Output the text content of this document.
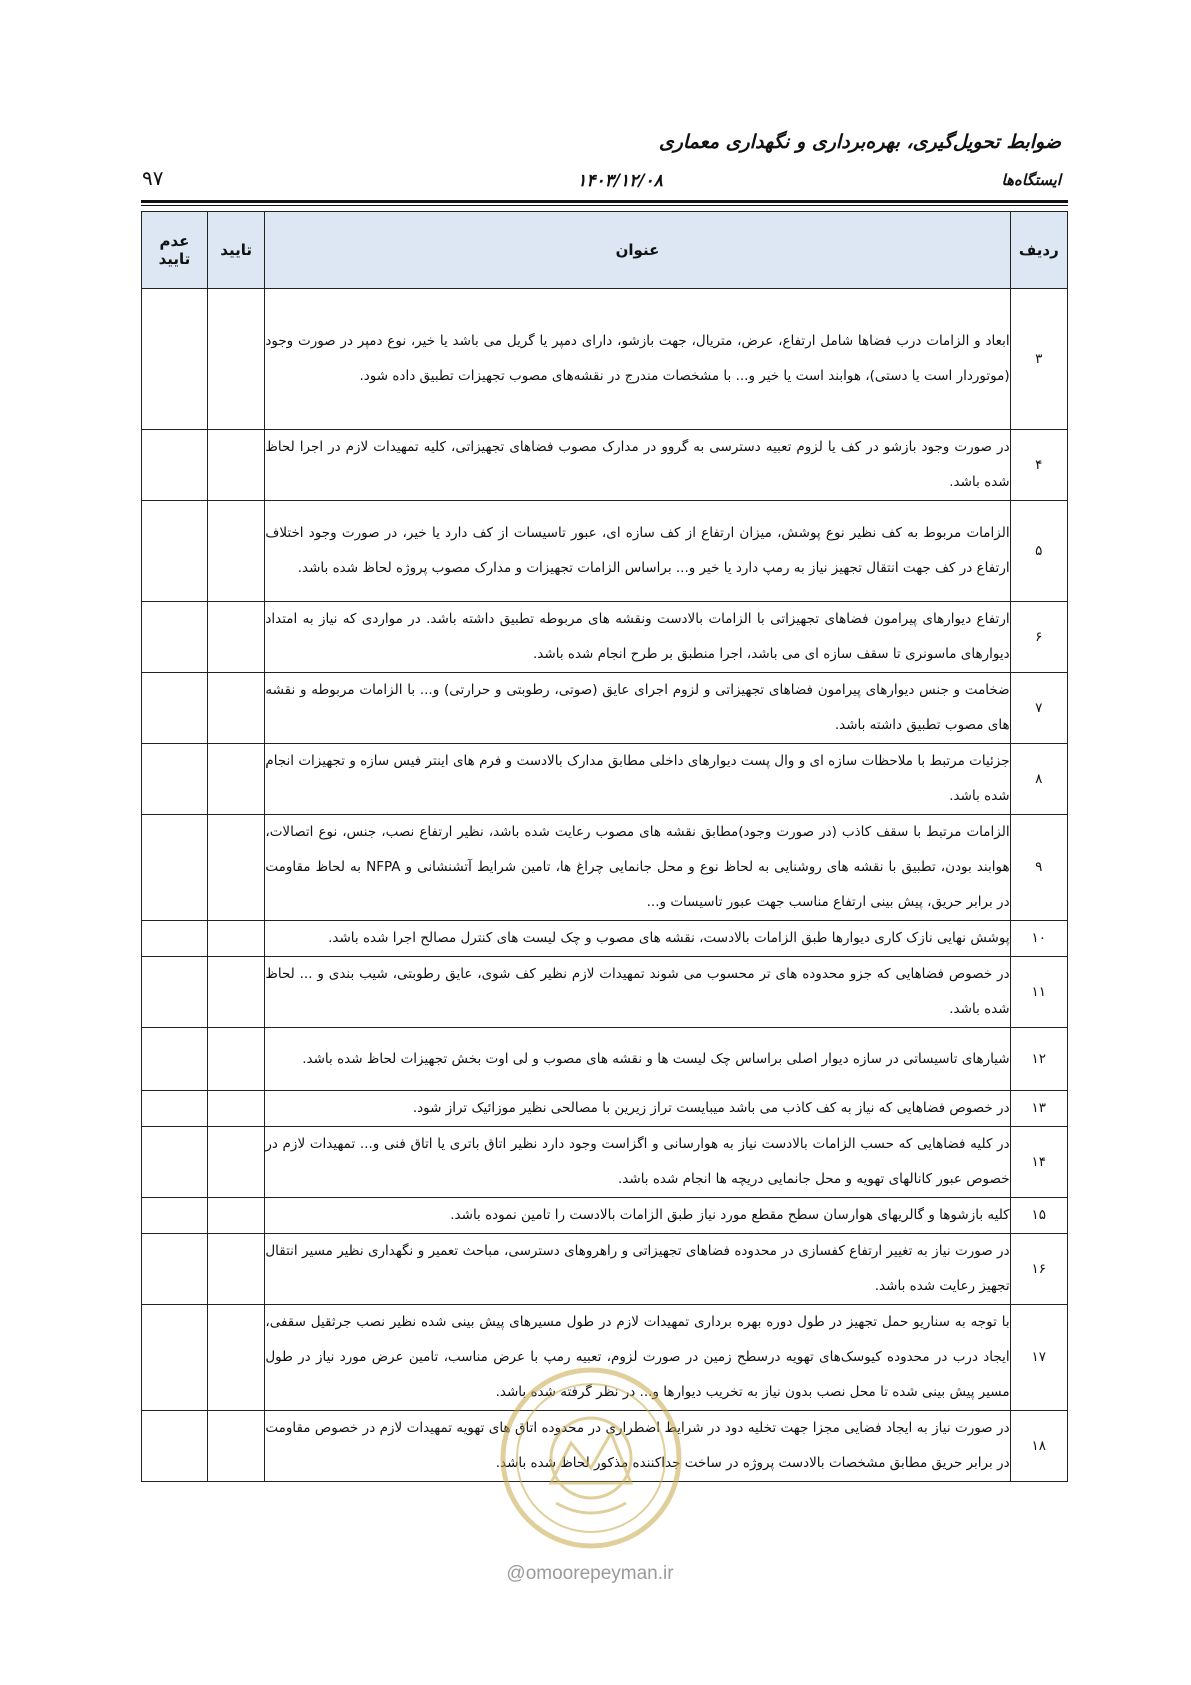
ضوابط تحویل‌گیری، بهره‌برداری و نگهداری معماری
ایستگاه‌ها
۱۴۰۳/۱۲/۰۸
۹۷
ردیف	عنوان	تایید	عدم تایید
۳	ابعاد و الزامات درب فضاها شامل ارتفاع، عرض، متریال، جهت بازشو، دارای دمپر یا گریل می باشد یا خیر، نوع دمپر در صورت وجود (موتوردار است یا دستی)، هوابند است یا خیر و... با مشخصات مندرج در نقشه‌های مصوب تجهیزات تطبیق داده شود.		
۴	در صورت وجود بازشو در کف یا لزوم تعبیه دسترسی به گروو در مدارک مصوب فضاهای تجهیزاتی، کلیه تمهیدات لازم در اجرا لحاظ شده باشد.		
۵	الزامات مربوط به کف نظیر نوع پوشش، میزان ارتفاع از کف سازه ای، عبور تاسیسات از کف دارد یا خیر، در صورت وجود اختلاف ارتفاع در کف جهت انتقال تجهیز نیاز به رمپ دارد یا خیر و... براساس الزامات تجهیزات و مدارک مصوب پروژه لحاظ شده باشد.		
۶	ارتفاع دیوارهای پیرامون فضاهای تجهیزاتی با الزامات بالادست ونقشه های مربوطه تطبیق داشته باشد. در مواردی که نیاز به امتداد دیوارهای ماسونری تا سقف سازه ای می باشد، اجرا منطبق بر طرح انجام شده باشد.		
۷	ضخامت و جنس دیوارهای پیرامون فضاهای تجهیزاتی و لزوم اجرای عایق (صوتی، رطوبتی و حرارتی) و... با الزامات مربوطه و نقشه های مصوب تطبیق داشته باشد.		
۸	جزئیات مرتبط با ملاحظات سازه ای و وال پست دیوارهای داخلی مطابق مدارک بالادست و فرم های اینتر فیس سازه و تجهیزات انجام شده باشد.		
۹	الزامات مرتبط با سقف کاذب (در صورت وجود)مطابق نقشه های مصوب رعایت شده باشد، نظیر ارتفاع نصب، جنس، نوع اتصالات، هوابند بودن، تطبیق با نقشه های روشنایی به لحاظ نوع و محل جانمایی چراغ ها، تامین شرایط آتشنشانی و NFPA به لحاظ مقاومت در برابر حریق، پیش بینی ارتفاع مناسب جهت عبور تاسیسات و...		
۱۰	پوشش نهایی نازک کاری دیوارها طبق الزامات بالادست، نقشه های مصوب و چک لیست های کنترل مصالح اجرا شده باشد.		
۱۱	در خصوص فضاهایی که جزو محدوده های تر محسوب می شوند تمهیدات لازم نظیر کف شوی، عایق رطوبتی، شیب بندی و ... لحاظ شده باشد.		
۱۲	شیارهای تاسیساتی در سازه دیوار اصلی براساس چک لیست ها و نقشه های مصوب و لی اوت بخش تجهیزات لحاظ شده باشد.		
۱۳	در خصوص فضاهایی که نیاز به کف کاذب می باشد میبایست تراز زیرین با مصالحی نظیر موزائیک تراز شود.		
۱۴	در کلیه فضاهایی که حسب الزامات بالادست نیاز به هوارسانی و اگزاست وجود دارد نظیر اتاق باتری یا اتاق فنی و... تمهیدات لازم در خصوص عبور کانالهای تهویه و محل جانمایی دریچه ها انجام شده باشد.		
۱۵	کلیه بازشوها و گالریهای هوارسان سطح مقطع مورد نیاز طبق الزامات بالادست را تامین نموده باشد.		
۱۶	در صورت نیاز به تغییر ارتفاع کفسازی در محدوده فضاهای تجهیزاتی و راهروهای دسترسی، مباحث تعمیر و نگهداری نظیر مسیر انتقال تجهیز رعایت شده باشد.		
۱۷	با توجه به سناریو حمل تجهیز در طول دوره بهره برداری تمهیدات لازم در طول مسیرهای پیش بینی شده نظیر نصب جرثقیل سقفی، ایجاد درب در محدوده کیوسک‌های تهویه درسطح زمین در صورت لزوم، تعبیه رمپ با عرض مناسب، تامین عرض مورد نیاز در طول مسیر پیش بینی شده تا محل نصب بدون نیاز به تخریب دیوارها و... در نظر گرفته شده باشد.		
۱۸	در صورت نیاز به ایجاد فضایی مجزا جهت تخلیه دود در شرایط اضطراری در محدوده اتاق های تهویه تمهیدات لازم در خصوص مقاومت در برابر حریق مطابق مشخصات بالادست پروژه در ساخت جداکننده مذکور لحاظ شده باشد.		
@omoorepeyman.ir
